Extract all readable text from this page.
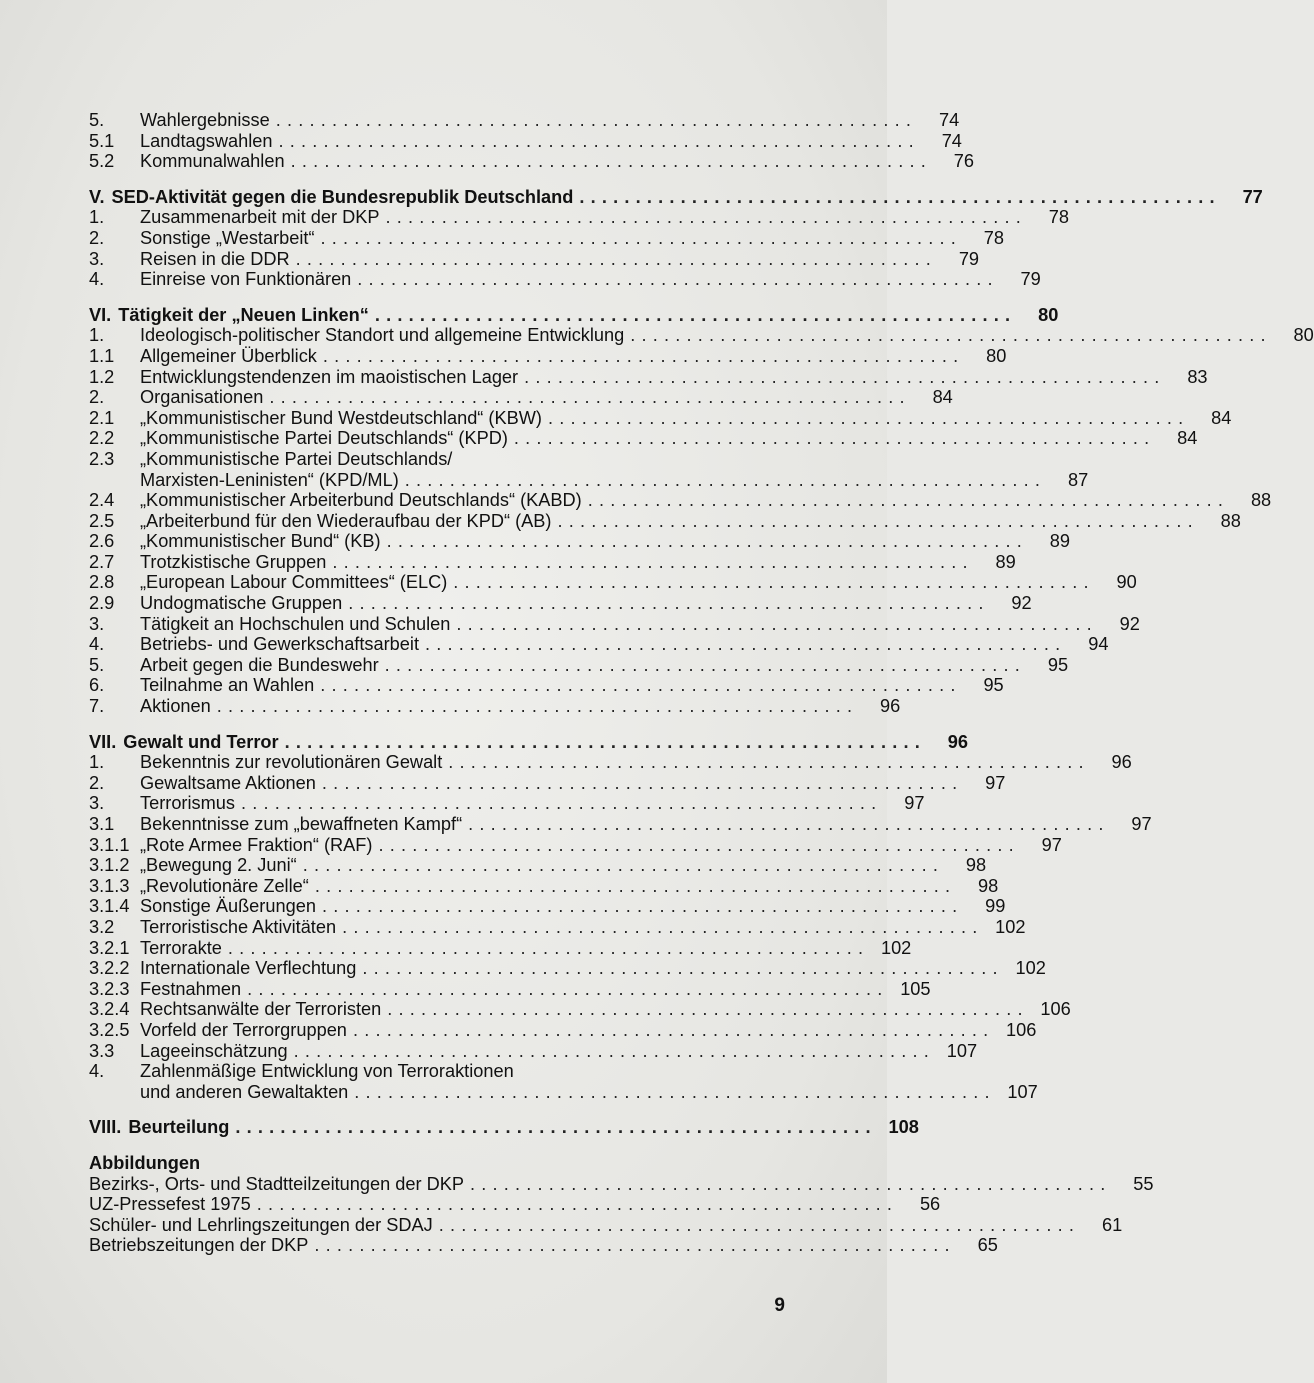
5.	Wahlergebnisse .........................................................	74
5.1	Landtagswahlen .........................................................	74
5.2	Kommunalwahlen .........................................................	76
V. SED-Aktivität gegen die Bundesrepublik Deutschland .........................................................	77
1.	Zusammenarbeit mit der DKP .........................................................	78
2.	Sonstige „Westarbeit“ .........................................................	78
3.	Reisen in die DDR .........................................................	79
4.	Einreise von Funktionären .........................................................	79
VI. Tätigkeit der „Neuen Linken“ .........................................................	80
1.	Ideologisch-politischer Standort und allgemeine Entwicklung .........................................................	80
1.1	Allgemeiner Überblick .........................................................	80
1.2	Entwicklungstendenzen im maoistischen Lager .........................................................	83
2.	Organisationen .........................................................	84
2.1	„Kommunistischer Bund Westdeutschland“ (KBW) .........................................................	84
2.2	„Kommunistische Partei Deutschlands“ (KPD) .........................................................	84
2.3	„Kommunistische Partei Deutschlands/
Marxisten-Leninisten“ (KPD/ML) .........................................................	87
2.4	„Kommunistischer Arbeiterbund Deutschlands“ (KABD) .........................................................	88
2.5	„Arbeiterbund für den Wiederaufbau der KPD“ (AB) .........................................................	88
2.6	„Kommunistischer Bund“ (KB) .........................................................	89
2.7	Trotzkistische Gruppen .........................................................	89
2.8	„European Labour Committees“ (ELC) .........................................................	90
2.9	Undogmatische Gruppen .........................................................	92
3.	Tätigkeit an Hochschulen und Schulen .........................................................	92
4.	Betriebs- und Gewerkschaftsarbeit .........................................................	94
5.	Arbeit gegen die Bundeswehr .........................................................	95
6.	Teilnahme an Wahlen .........................................................	95
7.	Aktionen .........................................................	96
VII. Gewalt und Terror .........................................................	96
1.	Bekenntnis zur revolutionären Gewalt .........................................................	96
2.	Gewaltsame Aktionen .........................................................	97
3.	Terrorismus .........................................................	97
3.1	Bekenntnisse zum „bewaffneten Kampf“ .........................................................	97
3.1.1 „Rote Armee Fraktion“ (RAF) .........................................................	97
3.1.2 „Bewegung 2. Juni“ .........................................................	98
3.1.3 „Revolutionäre Zelle“ .........................................................	98
3.1.4 Sonstige Äußerungen .........................................................	99
3.2	Terroristische Aktivitäten ......................................................... 102
3.2.1 Terrorakte ......................................................... 102
3.2.2 Internationale Verflechtung ......................................................... 102
3.2.3 Festnahmen ......................................................... 105
3.2.4 Rechtsanwälte der Terroristen ......................................................... 106
3.2.5 Vorfeld der Terrorgruppen ......................................................... 106
3.3	Lageeinschätzung ......................................................... 107
4.	Zahlenmäßige Entwicklung von Terroraktionen
und anderen Gewaltakten ......................................................... 107
VIII. Beurteilung ......................................................... 108
Abbildungen
Bezirks-, Orts- und Stadtteilzeitungen der DKP .........................................................	55
UZ-Pressefest 1975 .........................................................	56
Schüler- und Lehrlingszeitungen der SDAJ .........................................................	61
Betriebszeitungen der DKP .........................................................	65
9
